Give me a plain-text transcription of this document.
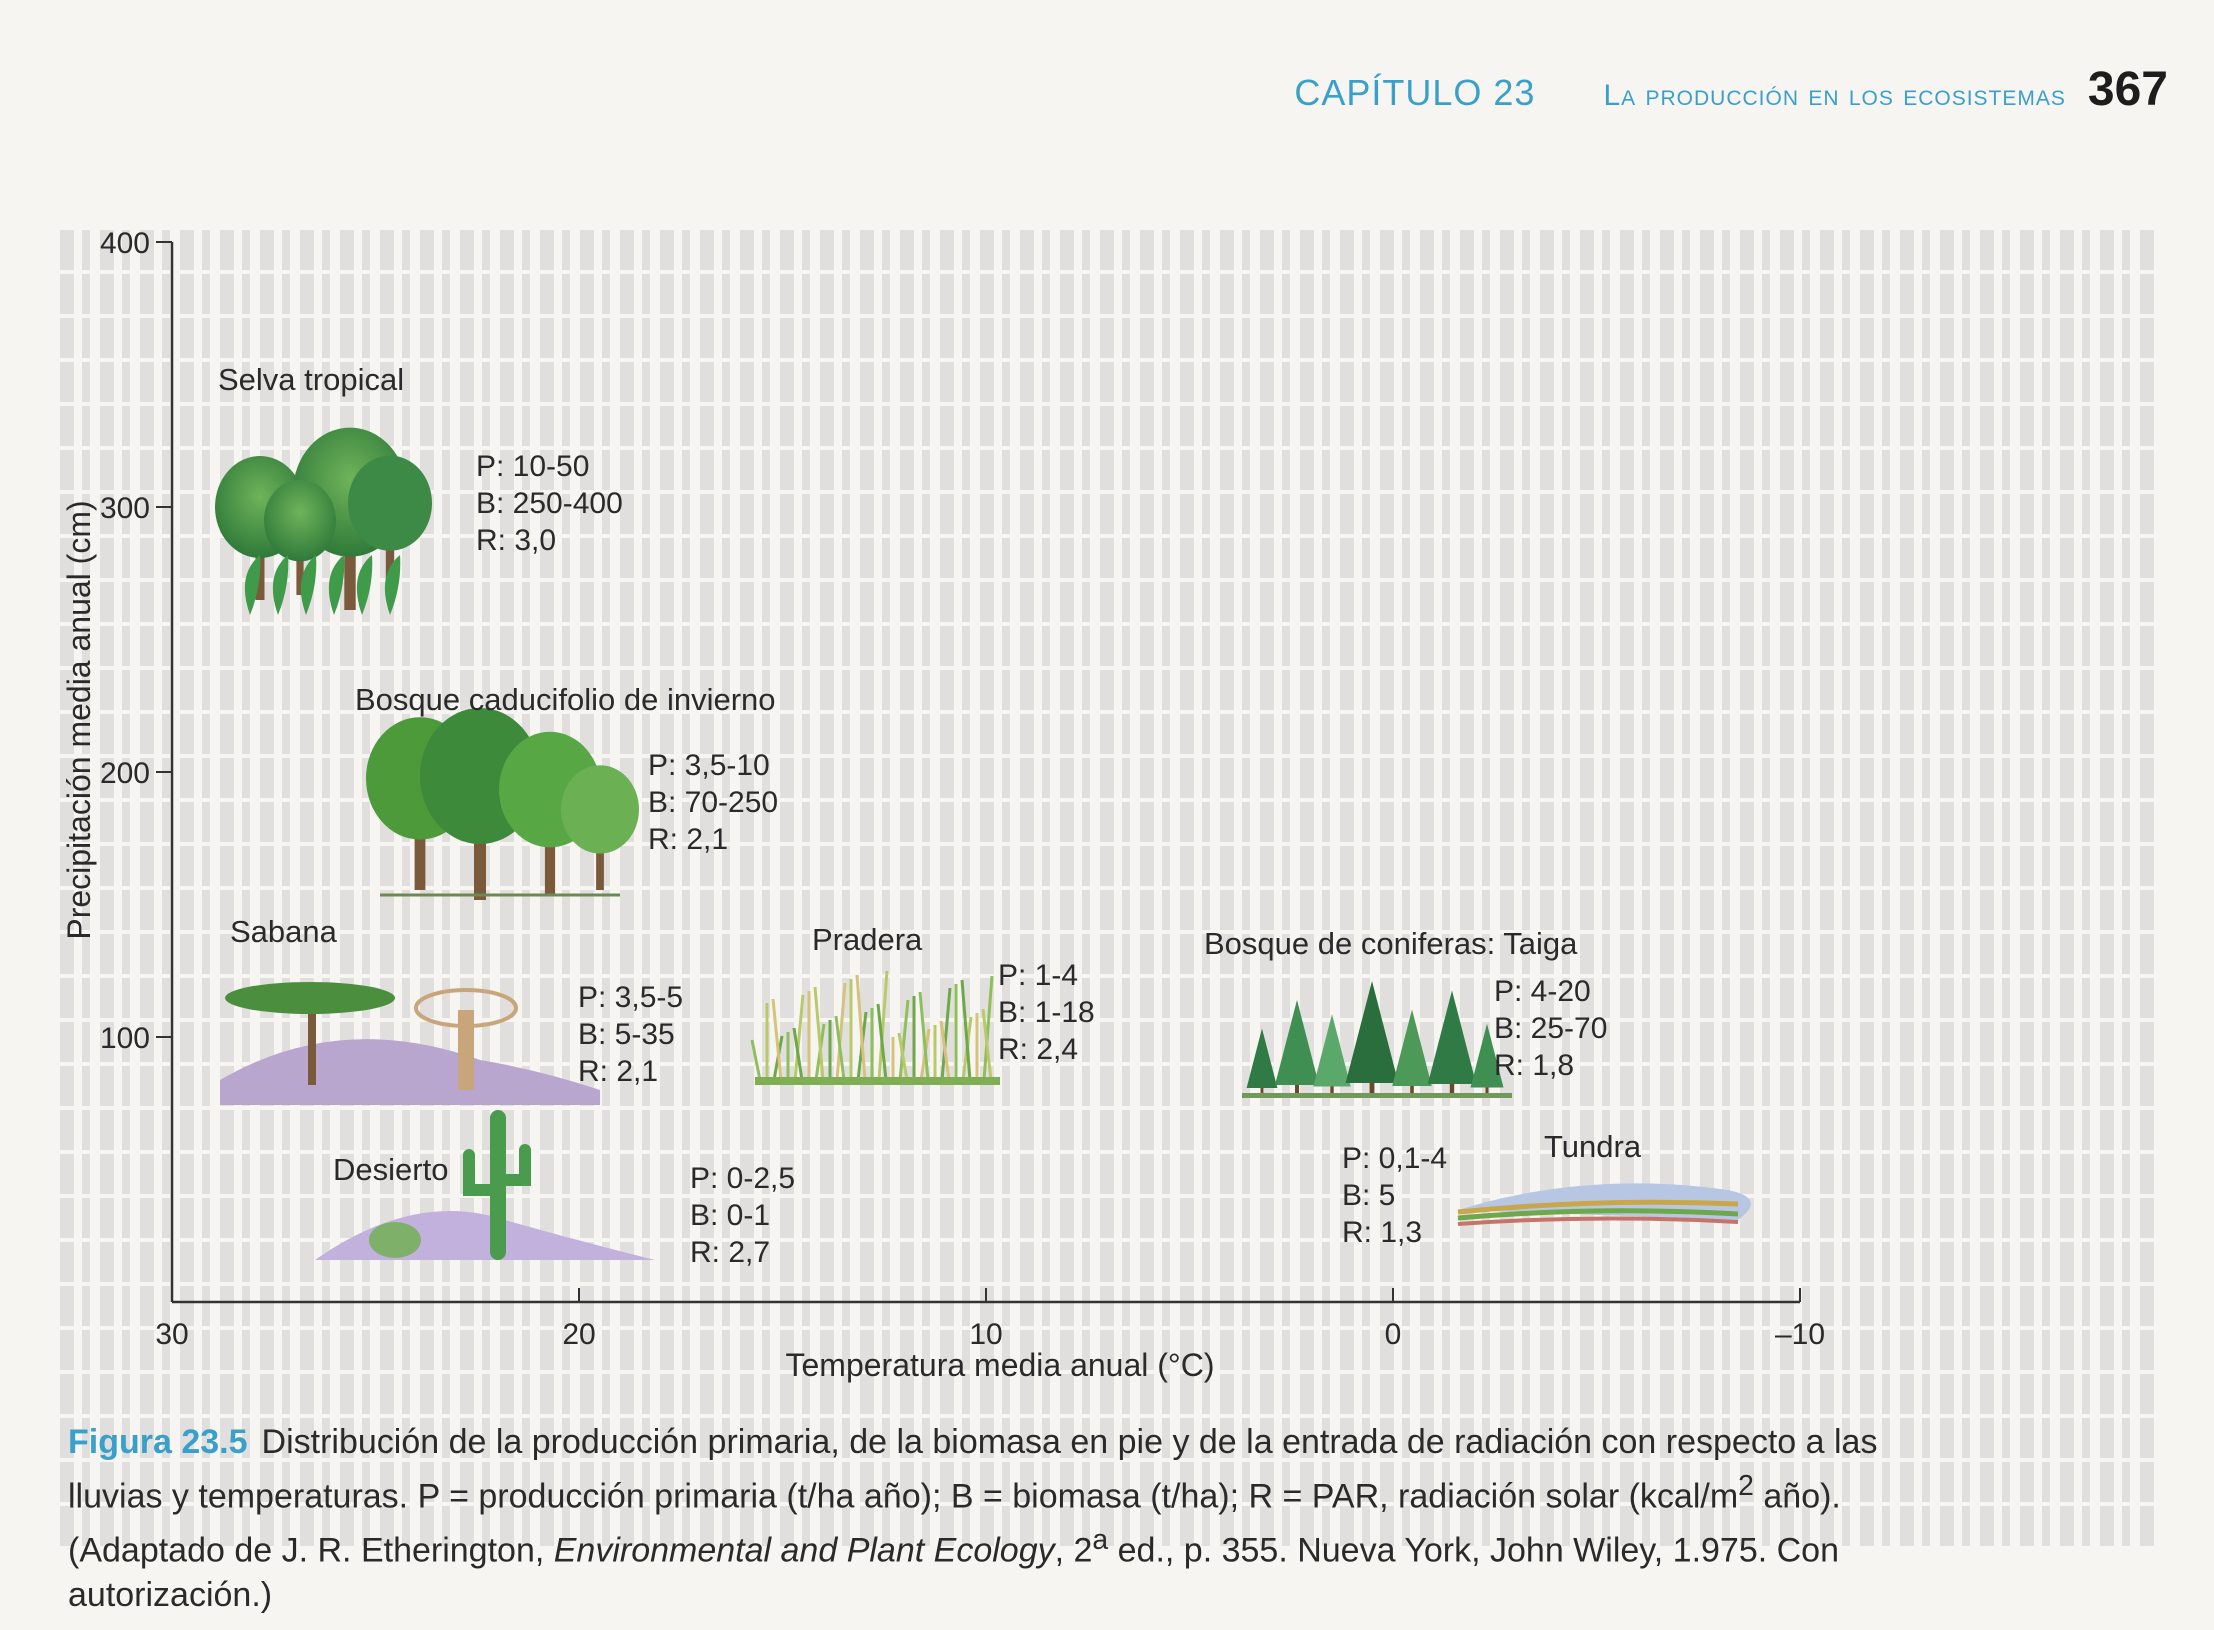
CAPÍTULO 23 La producción en los ecosistemas 367
30	20	10	0	–10
400
300
200
100
Selva tropical
P: 10-50
B: 250-400
R: 3,0
Bosque caducifolio de invierno
P: 3,5-10
B: 70-250
R: 2,1
Sabana
P: 3,5-5
B: 5-35
R: 2,1
Pradera
P: 1-4
B: 1-18
R: 2,4
Bosque de coniferas: Taiga
P: 4-20
B: 25-70
R: 1,8
Desierto	P: 0-2,5
B: 0-1
R: 2,7
Tundra
P: 0,1-4
B: 5
R: 1,3
Temperatura media anual (°C)
Precipitación media anual (cm)
Figura 23.5 Distribución de la producción primaria, de la biomasa en pie y de la entrada de radiación con respecto a las lluvias y temperaturas. P = producción primaria (t/ha año); B = biomasa (t/ha); R = PAR, radiación solar ($kcal/m^2$ año). (Adaptado de J. R. Etherington, Environmental and Plant Ecology, 2$^a$ ed., p. 355. Nueva York, John Wiley, 1.975. Con autorización.)
